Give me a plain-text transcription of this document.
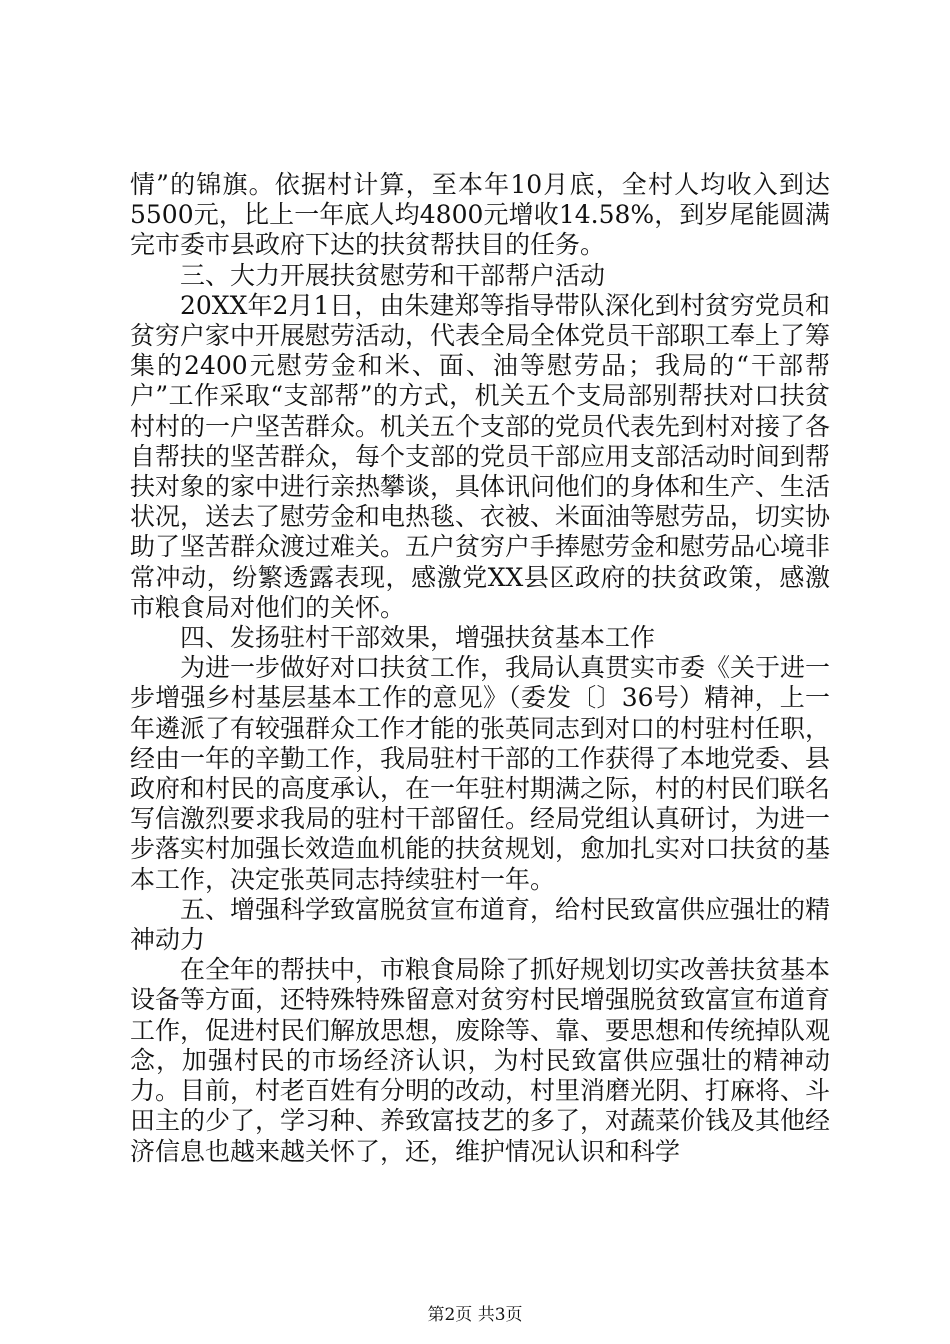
情”的锦旗。依据村计算，至本年10月底，全村人均收入到达5500元，比上一年底人均4800元增收14.58%，到岁尾能圆满完市委市县政府下达的扶贫帮扶目的任务。

三、大力开展扶贫慰劳和干部帮户活动

20XX年2月1日，由朱建郑等指导带队深化到村贫穷党员和贫穷户家中开展慰劳活动，代表全局全体党员干部职工奉上了筹集的2400元慰劳金和米、面、油等慰劳品；我局的“干部帮户”工作采取“支部帮”的方式，机关五个支局部别帮扶对口扶贫村村的一户坚苦群众。机关五个支部的党员代表先到村对接了各自帮扶的坚苦群众，每个支部的党员干部应用支部活动时间到帮扶对象的家中进行亲热攀谈，具体讯问他们的身体和生产、生活状况，送去了慰劳金和电热毯、衣被、米面油等慰劳品，切实协助了坚苦群众渡过难关。五户贫穷户手捧慰劳金和慰劳品心境非常冲动，纷繁透露表现，感激党XX县区政府的扶贫政策，感激市粮食局对他们的关怀。

四、发扬驻村干部效果，增强扶贫基本工作

为进一步做好对口扶贫工作，我局认真贯实市委《关于进一步增强乡村基层基本工作的意见》（委发〔〕36号）精神，上一年遴派了有较强群众工作才能的张英同志到对口的村驻村任职，经由一年的辛勤工作，我局驻村干部的工作获得了本地党委、县政府和村民的高度承认，在一年驻村期满之际，村的村民们联名写信激烈要求我局的驻村干部留任。经局党组认真研讨，为进一步落实村加强长效造血机能的扶贫规划，愈加扎实对口扶贫的基本工作，决定张英同志持续驻村一年。

五、增强科学致富脱贫宣布道育，给村民致富供应强壮的精神动力

在全年的帮扶中，市粮食局除了抓好规划切实改善扶贫基本设备等方面，还特殊特殊留意对贫穷村民增强脱贫致富宣布道育工作，促进村民们解放思想，废除等、靠、要思想和传统掉队观念，加强村民的市场经济认识，为村民致富供应强壮的精神动力。目前，村老百姓有分明的改动，村里消磨光阴、打麻将、斗田主的少了，学习种、养致富技艺的多了，对蔬菜价钱及其他经济信息也越来越关怀了，还，维护情况认识和科学

第2页 共3页
